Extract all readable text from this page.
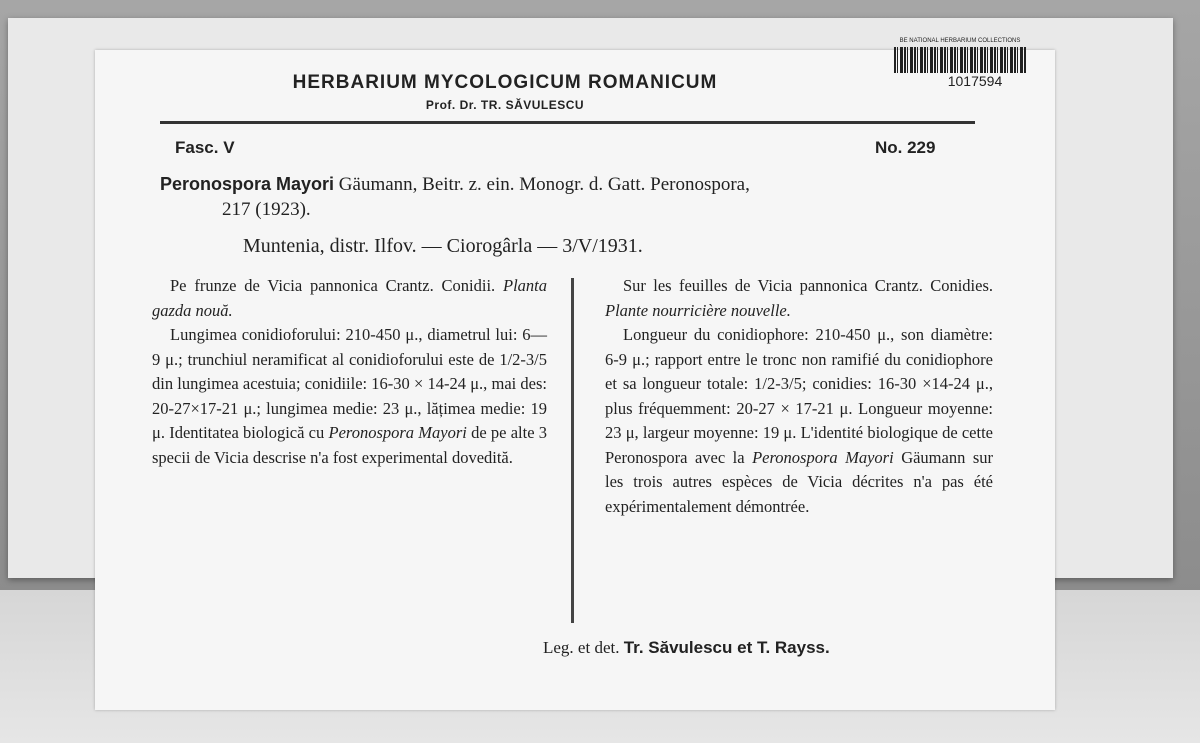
BE NATIONAL HERBARIUM COLLECTIONS
1017594
HERBARIUM MYCOLOGICUM ROMANICUM
Prof. Dr. TR. SĂVULESCU
Fasc. V	No. 229
Peronospora Mayori Gäumann, Beitr. z. ein. Monogr. d. Gatt. Peronospora,
217 (1923).
Muntenia, distr. Ilfov. — Ciorogârla — 3/V/1931.

Pe frunze de Vicia pannonica Crantz. Conidii. Planta gazda nouă.

Lungimea conidioforului: 210-450 μ., diametrul lui: 6—9 μ.; trunchiul neramificat al conidioforului este de 1/2-3/5 din lungimea acestuia; conidiile: 16-30 × 14-24 μ., mai des: 20-27×17-21 μ.; lungimea medie: 23 μ., lățimea medie: 19 μ. Identitatea biologică cu Peronospora Mayori de pe alte 3 specii de Vicia descrise n'a fost experimental dovedită.

Sur les feuilles de Vicia pannonica Crantz. Conidies. Plante nourricière nouvelle.

Longueur du conidiophore: 210-450 μ., son diamètre: 6-9 μ.; rapport entre le tronc non ramifié du conidiophore et sa longueur totale: 1/2-3/5; conidies: 16-30 ×14-24 μ., plus fréquemment: 20-27 × 17-21 μ. Longueur moyenne: 23 μ, largeur moyenne: 19 μ. L'identité biologique de cette Peronospora avec la Peronospora Mayori Gäumann sur les trois autres espèces de Vicia décrites n'a pas été expérimentalement démontrée.

Leg. et det. Tr. Săvulescu et T. Rayss.
